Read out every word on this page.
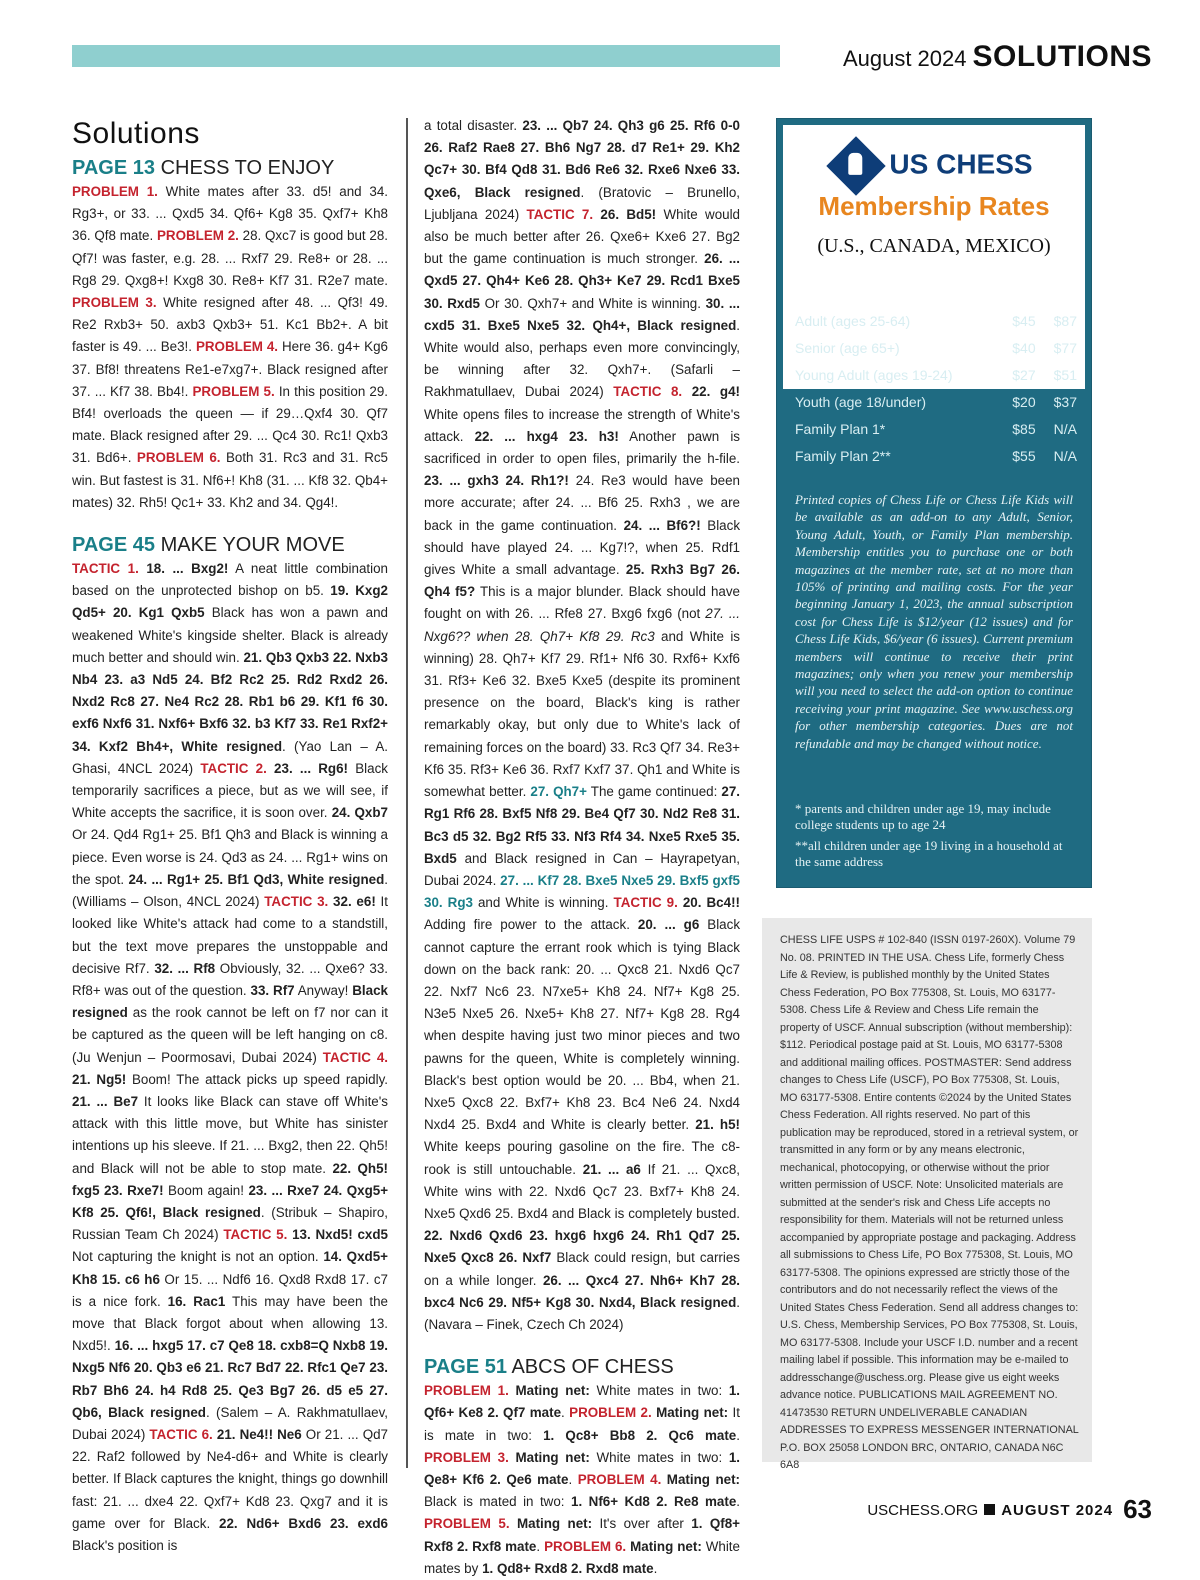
August 2024 SOLUTIONS
Solutions
PAGE 13 CHESS TO ENJOY

PROBLEM 1. White mates after 33. d5! and 34. Rg3+, or 33. ... Qxd5 34. Qf6+ Kg8 35. Qxf7+ Kh8 36. Qf8 mate. PROBLEM 2. 28. Qxc7 is good but 28. Qf7! was faster, e.g. 28. ... Rxf7 29. Re8+ or 28. ... Rg8 29. Qxg8+! Kxg8 30. Re8+ Kf7 31. R2e7 mate. PROBLEM 3. White resigned after 48. ... Qf3! 49. Re2 Rxb3+ 50. axb3 Qxb3+ 51. Kc1 Bb2+. A bit faster is 49. ... Be3!. PROBLEM 4. Here 36. g4+ Kg6 37. Bf8! threatens Re1-e7xg7+. Black resigned after 37. ... Kf7 38. Bb4!. PROBLEM 5. In this position 29. Bf4! overloads the queen — if 29…Qxf4 30. Qf7 mate. Black resigned after 29. ... Qc4 30. Rc1! Qxb3 31. Bd6+. PROBLEM 6. Both 31. Rc3 and 31. Rc5 win. But fastest is 31. Nf6+! Kh8 (31. ... Kf8 32. Qb4+ mates) 32. Rh5! Qc1+ 33. Kh2 and 34. Qg4!.

PAGE 45 MAKE YOUR MOVE

TACTIC 1. 18. ... Bxg2! A neat little combination based on the unprotected bishop on b5. 19. Kxg2 Qd5+ 20. Kg1 Qxb5 Black has won a pawn and weakened White's kingside shelter. Black is already much better and should win. 21. Qb3 Qxb3 22. Nxb3 Nb4 23. a3 Nd5 24. Bf2 Rc2 25. Rd2 Rxd2 26. Nxd2 Rc8 27. Ne4 Rc2 28. Rb1 b6 29. Kf1 f6 30. exf6 Nxf6 31. Nxf6+ Bxf6 32. b3 Kf7 33. Re1 Rxf2+ 34. Kxf2 Bh4+, White resigned. (Yao Lan – A. Ghasi, 4NCL 2024) TACTIC 2. 23. ... Rg6! Black temporarily sacrifices a piece, but as we will see, if White accepts the sacrifice, it is soon over. 24. Qxb7 Or 24. Qd4 Rg1+ 25. Bf1 Qh3 and Black is winning a piece. Even worse is 24. Qd3 as 24. ... Rg1+ wins on the spot. 24. ... Rg1+ 25. Bf1 Qd3, White resigned. (Williams – Olson, 4NCL 2024) TACTIC 3. 32. e6! It looked like White's attack had come to a standstill, but the text move prepares the unstoppable and decisive Rf7. 32. ... Rf8 Obviously, 32. ... Qxe6? 33. Rf8+ was out of the question. 33. Rf7 Anyway! Black resigned as the rook cannot be left on f7 nor can it be captured as the queen will be left hanging on c8. (Ju Wenjun – Poormosavi, Dubai 2024) TACTIC 4. 21. Ng5! Boom! The attack picks up speed rapidly. 21. ... Be7 It looks like Black can stave off White's attack with this little move, but White has sinister intentions up his sleeve. If 21. ... Bxg2, then 22. Qh5! and Black will not be able to stop mate. 22. Qh5! fxg5 23. Rxe7! Boom again! 23. ... Rxe7 24. Qxg5+ Kf8 25. Qf6!, Black resigned. (Stribuk – Shapiro, Russian Team Ch 2024) TACTIC 5. 13. Nxd5! cxd5 Not capturing the knight is not an option. 14. Qxd5+ Kh8 15. c6 h6 Or 15. ... Ndf6 16. Qxd8 Rxd8 17. c7 is a nice fork. 16. Rac1 This may have been the move that Black forgot about when allowing 13. Nxd5!. 16. ... hxg5 17. c7 Qe8 18. cxb8=Q Nxb8 19. Nxg5 Nf6 20. Qb3 e6 21. Rc7 Bd7 22. Rfc1 Qe7 23. Rb7 Bh6 24. h4 Rd8 25. Qe3 Bg7 26. d5 e5 27. Qb6, Black resigned. (Salem – A. Rakhmatullaev, Dubai 2024) TACTIC 6. 21. Ne4!! Ne6 Or 21. ... Qd7 22. Raf2 followed by Ne4-d6+ and White is clearly better. If Black captures the knight, things go downhill fast: 21. ... dxe4 22. Qxf7+ Kd8 23. Qxg7 and it is game over for Black. 22. Nd6+ Bxd6 23. exd6 Black's position is

a total disaster. 23. ... Qb7 24. Qh3 g6 25. Rf6 0-0 26. Raf2 Rae8 27. Bh6 Ng7 28. d7 Re1+ 29. Kh2 Qc7+ 30. Bf4 Qd8 31. Bd6 Re6 32. Rxe6 Nxe6 33. Qxe6, Black resigned. (Bratovic – Brunello, Ljubljana 2024) TACTIC 7. 26. Bd5! White would also be much better after 26. Qxe6+ Kxe6 27. Bg2 but the game continuation is much stronger. 26. ... Qxd5 27. Qh4+ Ke6 28. Qh3+ Ke7 29. Rcd1 Bxe5 30. Rxd5 Or 30. Qxh7+ and White is winning. 30. ... cxd5 31. Bxe5 Nxe5 32. Qh4+, Black resigned. White would also, perhaps even more convincingly, be winning after 32. Qxh7+. (Safarli – Rakhmatullaev, Dubai 2024) TACTIC 8. 22. g4! White opens files to increase the strength of White's attack. 22. ... hxg4 23. h3! Another pawn is sacrificed in order to open files, primarily the h-file. 23. ... gxh3 24. Rh1?! 24. Re3 would have been more accurate; after 24. ... Bf6 25. Rxh3 , we are back in the game continuation. 24. ... Bf6?! Black should have played 24. ... Kg7!?, when 25. Rdf1 gives White a small advantage. 25. Rxh3 Bg7 26. Qh4 f5? This is a major blunder. Black should have fought on with 26. ... Rfe8 27. Bxg6 fxg6 (not 27. ... Nxg6?? when 28. Qh7+ Kf8 29. Rc3 and White is winning) 28. Qh7+ Kf7 29. Rf1+ Nf6 30. Rxf6+ Kxf6 31. Rf3+ Ke6 32. Bxe5 Kxe5 (despite its prominent presence on the board, Black's king is rather remarkably okay, but only due to White's lack of remaining forces on the board) 33. Rc3 Qf7 34. Re3+ Kf6 35. Rf3+ Ke6 36. Rxf7 Kxf7 37. Qh1 and White is somewhat better. 27. Qh7+ The game continued: 27. Rg1 Rf6 28. Bxf5 Nf8 29. Be4 Qf7 30. Nd2 Re8 31. Bc3 d5 32. Bg2 Rf5 33. Nf3 Rf4 34. Nxe5 Rxe5 35. Bxd5 and Black resigned in Can – Hayrapetyan, Dubai 2024. 27. ... Kf7 28. Bxe5 Nxe5 29. Bxf5 gxf5 30. Rg3 and White is winning. TACTIC 9. 20. Bc4!! Adding fire power to the attack. 20. ... g6 Black cannot capture the errant rook which is tying Black down on the back rank: 20. ... Qxc8 21. Nxd6 Qc7 22. Nxf7 Nc6 23. N7xe5+ Kh8 24. Nf7+ Kg8 25. N3e5 Nxe5 26. Nxe5+ Kh8 27. Nf7+ Kg8 28. Rg4 when despite having just two minor pieces and two pawns for the queen, White is completely winning. Black's best option would be 20. ... Bb4, when 21. Nxe5 Qxc8 22. Bxf7+ Kh8 23. Bc4 Ne6 24. Nxd4 Nxd4 25. Bxd4 and White is clearly better. 21. h5! White keeps pouring gasoline on the fire. The c8-rook is still untouchable. 21. ... a6 If 21. ... Qxc8, White wins with 22. Nxd6 Qc7 23. Bxf7+ Kh8 24. Nxe5 Qxd6 25. Bxd4 and Black is completely busted. 22. Nxd6 Qxd6 23. hxg6 hxg6 24. Rh1 Qd7 25. Nxe5 Qxc8 26. Nxf7 Black could resign, but carries on a while longer. 26. ... Qxc4 27. Nh6+ Kh7 28. bxc4 Nc6 29. Nf5+ Kg8 30. Nxd4, Black resigned. (Navara – Finek, Czech Ch 2024)

PAGE 51 ABCS OF CHESS

PROBLEM 1. Mating net: White mates in two: 1. Qf6+ Ke8 2. Qf7 mate. PROBLEM 2. Mating net: It is mate in two: 1. Qc8+ Bb8 2. Qc6 mate. PROBLEM 3. Mating net: White mates in two: 1. Qe8+ Kf6 2. Qe6 mate. PROBLEM 4. Mating net: Black is mated in two: 1. Nf6+ Kd8 2. Re8 mate. PROBLEM 5. Mating net: It's over after 1. Qf8+ Rxf8 2. Rxf8 mate. PROBLEM 6. Mating net: White mates by 1. Qd8+ Rxd8 2. Rxd8 mate.

US CHESS
Membership Rates
(U.S., CANADA, MEXICO)
Type	1 yr	2 yr
Adult (ages 25-64)	$45	$87
Senior (age 65+)	$40	$77
Young Adult (ages 19-24)	$27	$51
Youth (age 18/under)	$20	$37
Family Plan 1*	$85	N/A
Family Plan 2**	$55	N/A
Printed copies of Chess Life or Chess Life Kids will be available as an add-on to any Adult, Senior, Young Adult, Youth, or Family Plan membership. Membership entitles you to purchase one or both magazines at the member rate, set at no more than 105% of printing and mailing costs. For the year beginning January 1, 2023, the annual subscription cost for Chess Life is $12/year (12 issues) and for Chess Life Kids, $6/year (6 issues). Current premium members will continue to receive their print magazines; only when you renew your membership will you need to select the add-on option to continue receiving your print magazine. See www.uschess.org for other membership categories. Dues are not refundable and may be changed without notice.

* parents and children under age 19, may include college students up to age 24

**all children under age 19 living in a household at the same address

CHESS LIFE USPS # 102-840 (ISSN 0197-260X). Volume 79 No. 08. PRINTED IN THE USA. Chess Life, formerly Chess Life & Review, is published monthly by the United States Chess Federation, PO Box 775308, St. Louis, MO 63177-5308. Chess Life & Review and Chess Life remain the property of USCF. Annual subscription (without membership): $112. Periodical postage paid at St. Louis, MO 63177-5308 and additional mailing offices. POSTMASTER: Send address changes to Chess Life (USCF), PO Box 775308, St. Louis, MO 63177-5308. Entire contents ©2024 by the United States Chess Federation. All rights reserved. No part of this publication may be reproduced, stored in a retrieval system, or transmitted in any form or by any means electronic, mechanical, photocopying, or otherwise without the prior written permission of USCF. Note: Unsolicited materials are submitted at the sender's risk and Chess Life accepts no responsibility for them. Materials will not be returned unless accompanied by appropriate postage and packaging. Address all submissions to Chess Life, PO Box 775308, St. Louis, MO 63177-5308. The opinions expressed are strictly those of the contributors and do not necessarily reflect the views of the United States Chess Federation. Send all address changes to: U.S. Chess, Membership Services, PO Box 775308, St. Louis, MO 63177-5308. Include your USCF I.D. number and a recent mailing label if possible. This information may be e-mailed to addresschange@uschess.org. Please give us eight weeks advance notice. PUBLICATIONS MAIL AGREEMENT NO. 41473530 RETURN UNDELIVERABLE CANADIAN ADDRESSES TO EXPRESS MESSENGER INTERNATIONAL P.O. BOX 25058 LONDON BRC, ONTARIO, CANADA N6C 6A8
USCHESS.ORG AUGUST 2024 63
